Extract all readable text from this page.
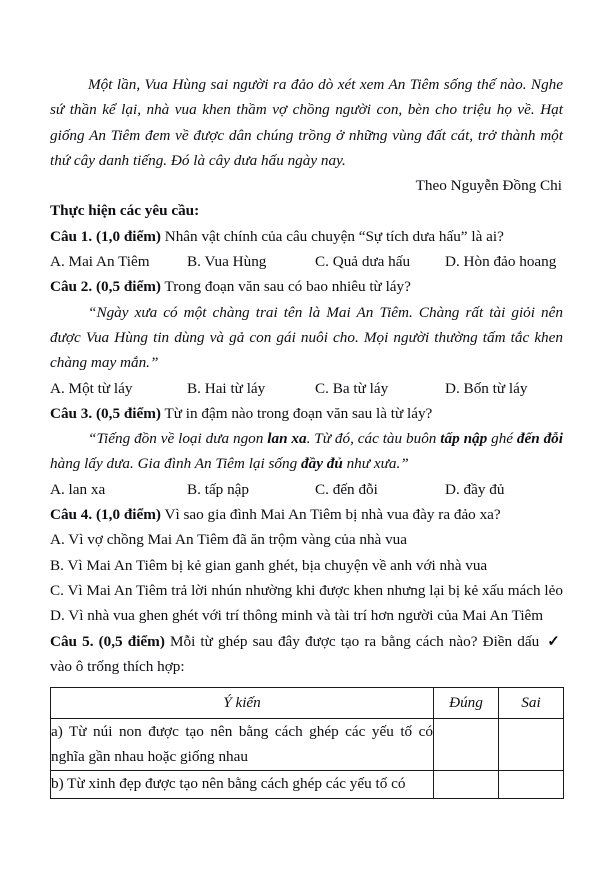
Một lần, Vua Hùng sai người ra đảo dò xét xem An Tiêm sống thế nào. Nghe sứ thần kể lại, nhà vua khen thầm vợ chồng người con, bèn cho triệu họ về. Hạt giống An Tiêm đem về được dân chúng trồng ở những vùng đất cát, trở thành một thứ cây danh tiếng. Đó là cây dưa hấu ngày nay.

Theo Nguyễn Đồng Chi

Thực hiện các yêu cầu:

Câu 1. (1,0 điểm) Nhân vật chính của câu chuyện “Sự tích dưa hấu” là ai?

A. Mai An Tiêm	B. Vua Hùng	C. Quả dưa hấu	D. Hòn đảo hoang

Câu 2. (0,5 điểm) Trong đoạn văn sau có bao nhiêu từ láy?

“Ngày xưa có một chàng trai tên là Mai An Tiêm. Chàng rất tài giỏi nên được Vua Hùng tin dùng và gả con gái nuôi cho. Mọi người thường tấm tắc khen chàng may mắn.”

A. Một từ láy	B. Hai từ láy	C. Ba từ láy	D. Bốn từ láy

Câu 3. (0,5 điểm) Từ in đậm nào trong đoạn văn sau là từ láy?

“Tiếng đồn về loại dưa ngon lan xa. Từ đó, các tàu buôn tấp nập ghé đến đỗi hàng lấy dưa. Gia đình An Tiêm lại sống đầy đủ như xưa.”

A. lan xa	B. tấp nập	C. đến đỗi	D. đầy đủ

Câu 4. (1,0 điểm) Vì sao gia đình Mai An Tiêm bị nhà vua đày ra đảo xa?

A. Vì vợ chồng Mai An Tiêm đã ăn trộm vàng của nhà vua

B. Vì Mai An Tiêm bị kẻ gian ganh ghét, bịa chuyện về anh với nhà vua

C. Vì Mai An Tiêm trả lời nhún nhường khi được khen nhưng lại bị kẻ xấu mách lẻo

D. Vì nhà vua ghen ghét với trí thông minh và tài trí hơn người của Mai An Tiêm

Câu 5. (0,5 điểm) Mỗi từ ghép sau đây được tạo ra bằng cách nào? Điền dấu ✓ vào ô trống thích hợp:

Ý kiến	Đúng	Sai
a) Từ núi non được tạo nên bằng cách ghép các yếu tố có nghĩa gần nhau hoặc giống nhau		
b) Từ xinh đẹp được tạo nên bằng cách ghép các yếu tố có		
